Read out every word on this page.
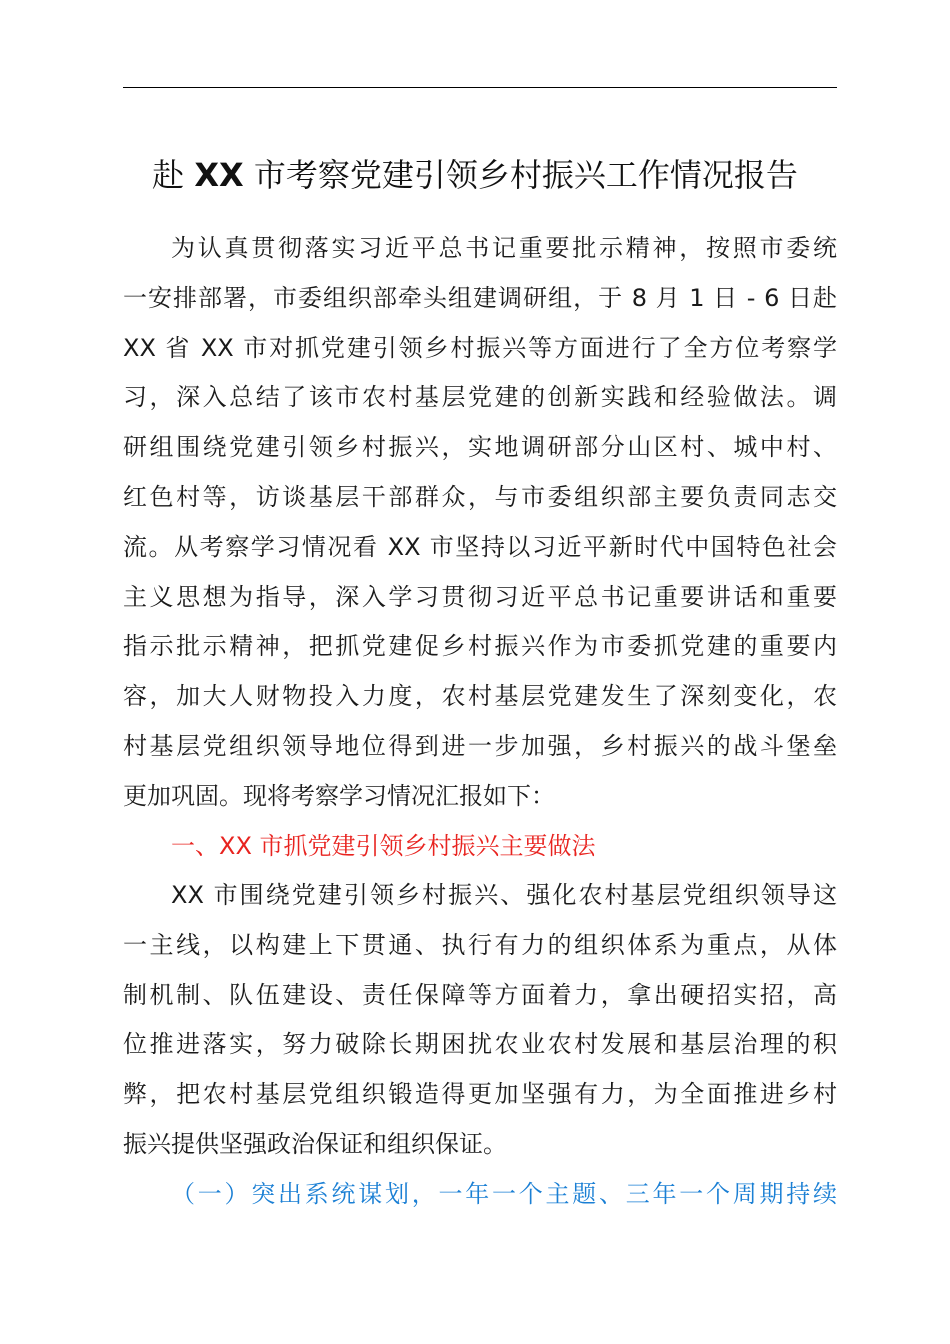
赴 XX 市考察党建引领乡村振兴工作情况报告
为认真贯彻落实习近平总书记重要批示精神，按照市委统
一安排部署，市委组织部牵头组建调研组，于 8 月 1 日 - 6 日赴
XX 省 XX 市对抓党建引领乡村振兴等方面进行了全方位考察学
习，深入总结了该市农村基层党建的创新实践和经验做法。调
研组围绕党建引领乡村振兴，实地调研部分山区村、城中村、
红色村等，访谈基层干部群众，与市委组织部主要负责同志交
流。从考察学习情况看 XX 市坚持以习近平新时代中国特色社会
主义思想为指导，深入学习贯彻习近平总书记重要讲话和重要
指示批示精神，把抓党建促乡村振兴作为市委抓党建的重要内
容，加大人财物投入力度，农村基层党建发生了深刻变化，农
村基层党组织领导地位得到进一步加强，乡村振兴的战斗堡垒
更加巩固。现将考察学习情况汇报如下：
一、XX 市抓党建引领乡村振兴主要做法
XX 市围绕党建引领乡村振兴、强化农村基层党组织领导这
一主线，以构建上下贯通、执行有力的组织体系为重点，从体
制机制、队伍建设、责任保障等方面着力，拿出硬招实招，高
位推进落实，努力破除长期困扰农业农村发展和基层治理的积
弊，把农村基层党组织锻造得更加坚强有力，为全面推进乡村
振兴提供坚强政治保证和组织保证。
（一）突出系统谋划，一年一个主题、三年一个周期持续
